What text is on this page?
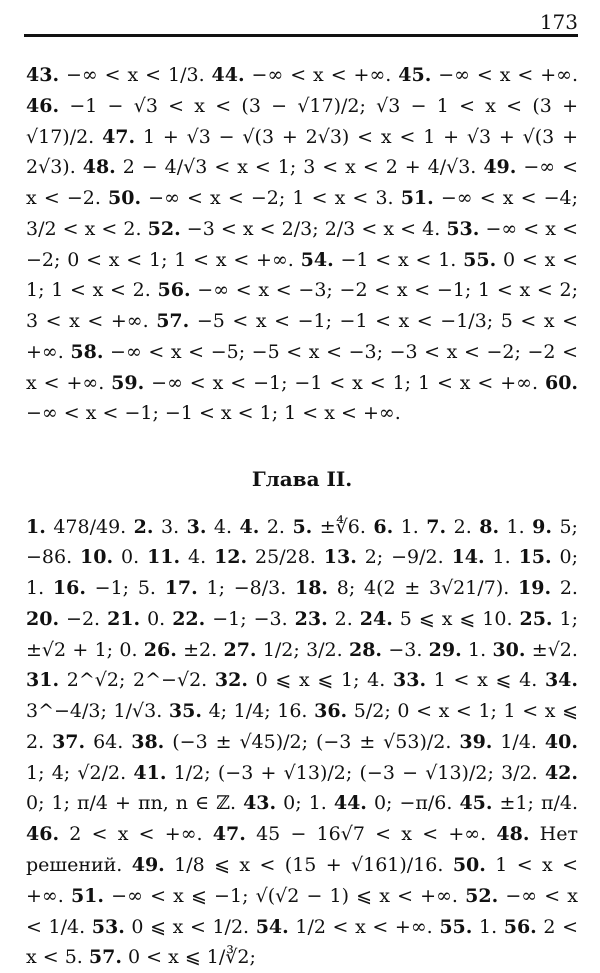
173

43. −∞ < x < 1/3. 44. −∞ < x < +∞. 45. −∞ < x < +∞. 46. −1 − √3 < x < (3 − √17)/2; √3 − 1 < x < (3 + √17)/2. 47. 1 + √3 − √(3 + 2√3) < x < 1 + √3 + √(3 + 2√3). 48. 2 − 4/√3 < x < 1; 3 < x < 2 + 4/√3. 49. −∞ < x < −2. 50. −∞ < x < −2; 1 < x < 3. 51. −∞ < x < −4; 3/2 < x < 2. 52. −3 < x < 2/3; 2/3 < x < 4. 53. −∞ < x < −2; 0 < x < 1; 1 < x < +∞. 54. −1 < x < 1. 55. 0 < x < 1; 1 < x < 2. 56. −∞ < x < −3; −2 < x < −1; 1 < x < 2; 3 < x < +∞. 57. −5 < x < −1; −1 < x < −1/3; 5 < x < +∞. 58. −∞ < x < −5; −5 < x < −3; −3 < x < −2; −2 < x < +∞. 59. −∞ < x < −1; −1 < x < 1; 1 < x < +∞. 60. −∞ < x < −1; −1 < x < 1; 1 < x < +∞.

Глава II.

1. 478/49. 2. 3. 3. 4. 4. 2. 5. ±∜6. 6. 1. 7. 2. 8. 1. 9. 5; −86. 10. 0. 11. 4. 12. 25/28. 13. 2; −9/2. 14. 1. 15. 0; 1. 16. −1; 5. 17. 1; −8/3. 18. 8; 4(2 ± 3√21/7). 19. 2. 20. −2. 21. 0. 22. −1; −3. 23. 2. 24. 5 ⩽ x ⩽ 10. 25. 1; ±√2 + 1; 0. 26. ±2. 27. 1/2; 3/2. 28. −3. 29. 1. 30. ±√2. 31. 2^√2; 2^−√2. 32. 0 ⩽ x ⩽ 1; 4. 33. 1 < x ⩽ 4. 34. 3^−4/3; 1/√3. 35. 4; 1/4; 16. 36. 5/2; 0 < x < 1; 1 < x ⩽ 2. 37. 64. 38. (−3 ± √45)/2; (−3 ± √53)/2. 39. 1/4. 40. 1; 4; √2/2. 41. 1/2; (−3 + √13)/2; (−3 − √13)/2; 3/2. 42. 0; 1; π/4 + πn, n ∈ ℤ. 43. 0; 1. 44. 0; −π/6. 45. ±1; π/4. 46. 2 < x < +∞. 47. 45 − 16√7 < x < +∞. 48. Нет решений. 49. 1/8 ⩽ x < (15 + √161)/16. 50. 1 < x < +∞. 51. −∞ < x ⩽ −1; √(√2 − 1) ⩽ x < +∞. 52. −∞ < x < 1/4. 53. 0 ⩽ x < 1/2. 54. 1/2 < x < +∞. 55. 1. 56. 2 < x < 5. 57. 0 < x ⩽ 1/∛2;
